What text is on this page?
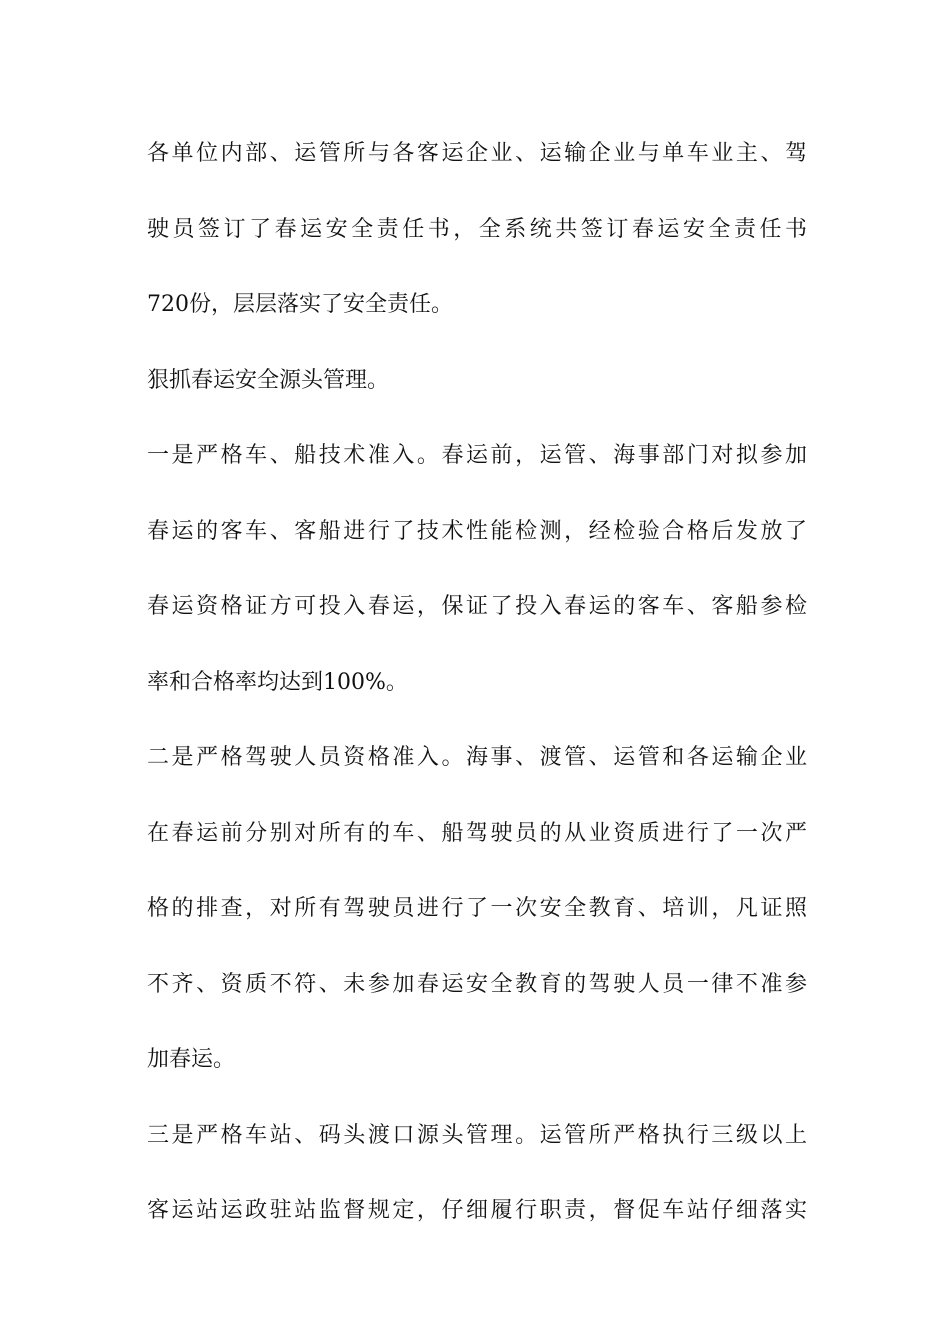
各单位内部、运管所与各客运企业、运输企业与单车业主、驾
驶员签订了春运安全责任书，全系统共签订春运安全责任书
720份，层层落实了安全责任。
狠抓春运安全源头管理。
一是严格车、船技术准入。春运前，运管、海事部门对拟参加
春运的客车、客船进行了技术性能检测，经检验合格后发放了
春运资格证方可投入春运，保证了投入春运的客车、客船参检
率和合格率均达到100%。
二是严格驾驶人员资格准入。海事、渡管、运管和各运输企业
在春运前分别对所有的车、船驾驶员的从业资质进行了一次严
格的排查，对所有驾驶员进行了一次安全教育、培训，凡证照
不齐、资质不符、未参加春运安全教育的驾驶人员一律不准参
加春运。
三是严格车站、码头渡口源头管理。运管所严格执行三级以上
客运站运政驻站监督规定，仔细履行职责，督促车站仔细落实
